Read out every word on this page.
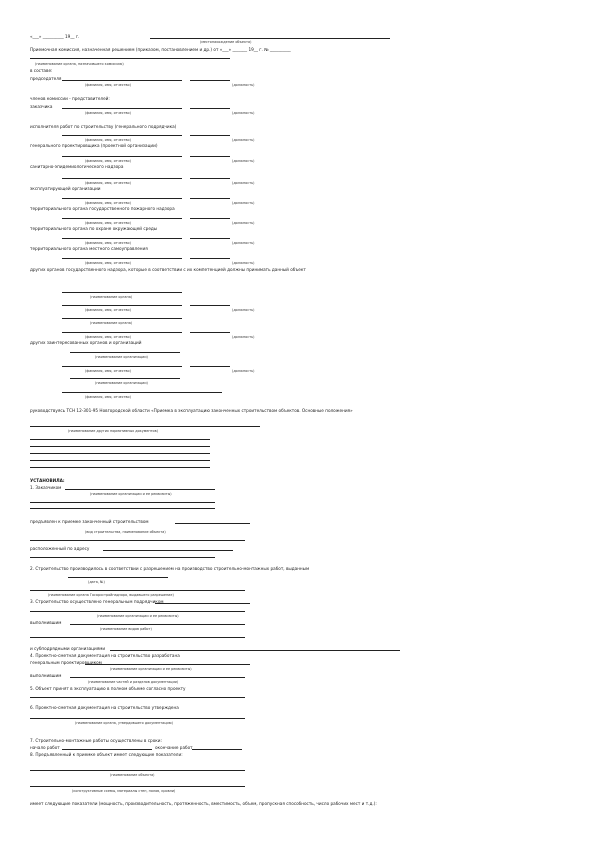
«___» __________ 19__ г.
(местонахождение объекта)
Приемочная комиссия, назначенная решением (приказом, постановлением и др.) от «___» _______ 19__ г. № __________
(наименование органа, назначившего комиссию)
в составе:
председателя
(фамилия, имя, отчество)	(должность)
членов комиссии - представителей:
заказчика
(фамилия, имя, отчество)	(должность)
исполнителя работ по строительству (генерального подрядчика)
(фамилия, имя, отчество)	(должность)
генерального проектировщика (проектной организации)
(фамилия, имя, отчество)	(должность)
санитарно-эпидемиологического надзора
(фамилия, имя, отчество)	(должность)
эксплуатирующей организации
(фамилия, имя, отчество)	(должность)
территориального органа государственного пожарного надзора
(фамилия, имя, отчество)	(должность)
территориального органа по охране окружающей среды
(фамилия, имя, отчество)	(должность)
территориального органа местного самоуправления
(фамилия, имя, отчество)	(должность)
других органов государственного надзора, которые в соответствии с их компетенцией должны принимать данный объект
(наименование органа)
(фамилия, имя, отчество)	(должность)
(наименование органа)
(фамилия, имя, отчество)	(должность)
других заинтересованных органов и организаций
(наименование организации)
(фамилия, имя, отчество)	(должность)
(наименование организации)
(фамилия, имя, отчество)
руководствуясь ТСН 12-301-95 Новгородской области «Приемка в эксплуатацию законченных строительством объектов. Основные положения»
(наименование других нормативных документов)
УСТАНОВИЛА:
1. Заказчиком
(наименование организации и ее реквизиты)
предъявлен к приемке законченный строительством
(вид строительства, наименование объекта)
расположенный по адресу
2. Строительство производилось в соответствии с разрешением на производство строительно-монтажных работ, выданным
(дата, №)
(наименование органа Госархстройнадзора, выдавшего разрешение)
3. Строительство осуществлено генеральным подрядчиком
(наименование организации и ее реквизиты)
выполнившим
(наименование видов работ)
и субподрядными организациями
4. Проектно-сметная документация на строительство разработана
генеральным проектировщиком
(наименование организации и ее реквизиты)
выполнившим
(наименование частей и разделов документации)
5. Объект принят в эксплуатацию в полном объеме согласно проекту
6. Проектно-сметная документация на строительство утверждена
(наименование органа, утвердившего документацию)
7. Строительно-монтажные работы осуществлены в сроки:
начало работ	окончание работ
8. Предъявленный к приемке объект имеет следующие показатели:
(наименование объекта)
(конструктивные схемы, материалы стен, полов, кровли)
имеет следующие показатели (мощность, производительность, протяженность, вместимость, объем, пропускная способность, число рабочих мест и т.д.):
